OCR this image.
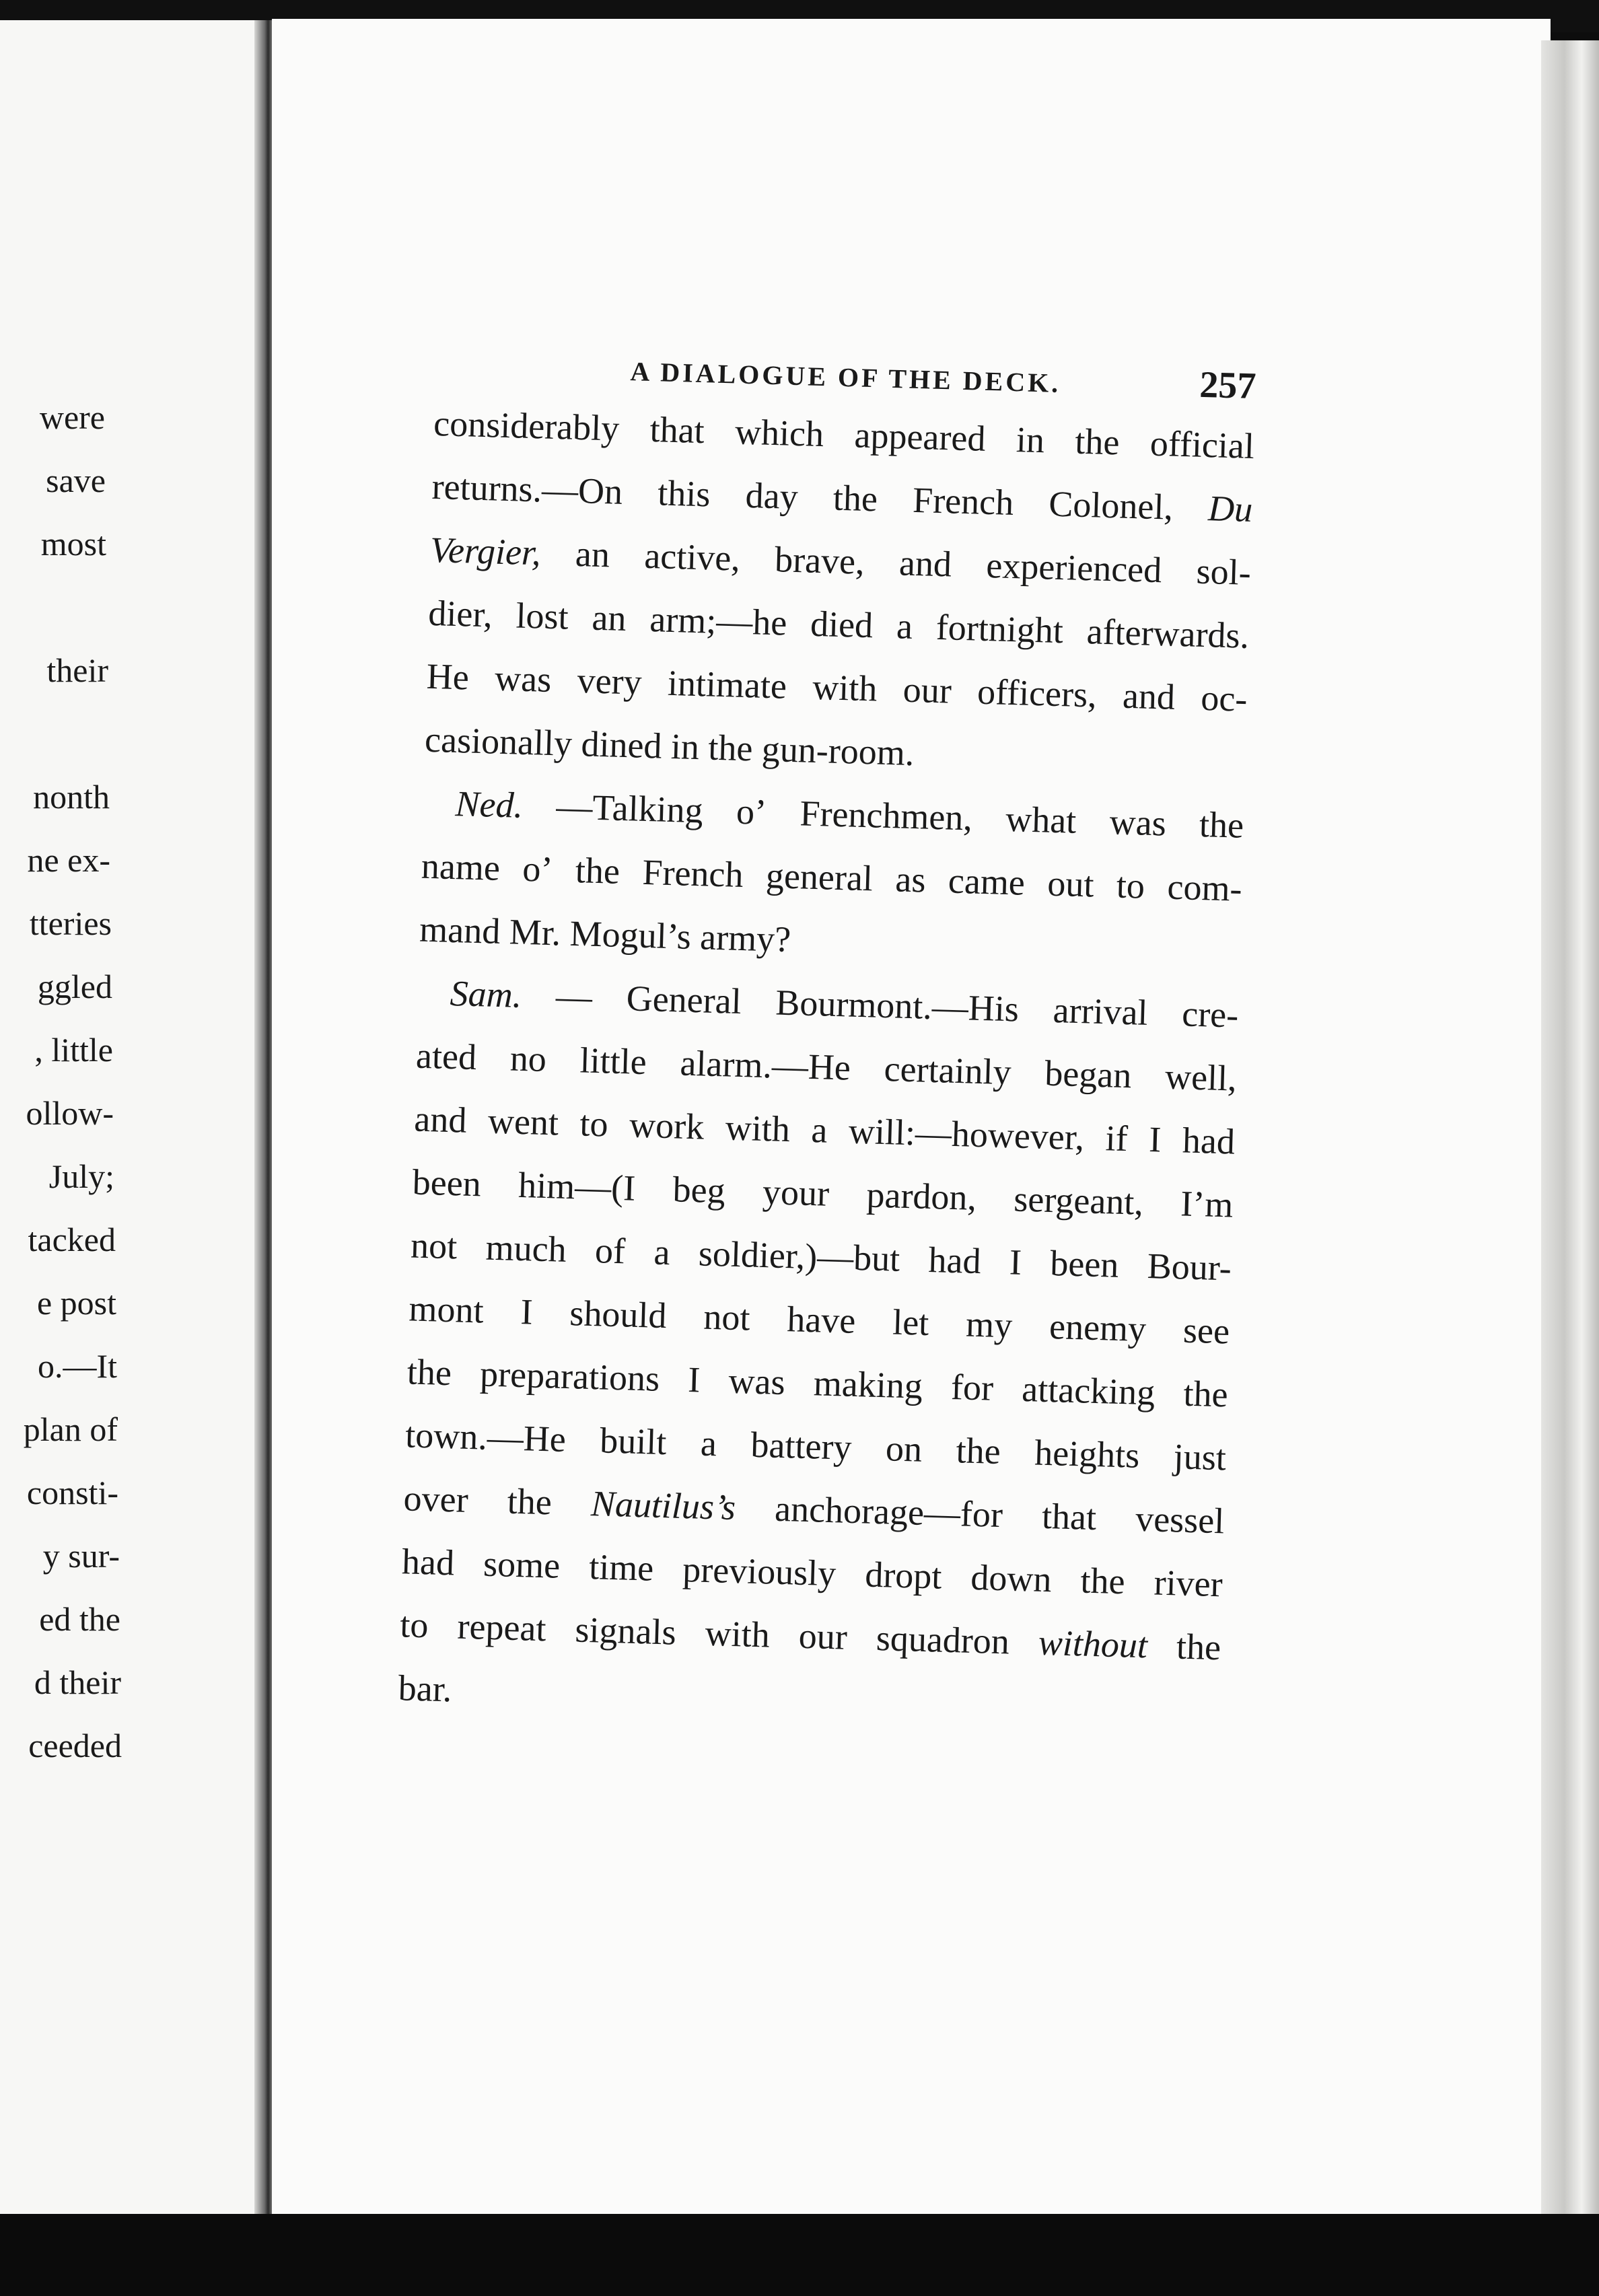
were
save
most
their
nonth
ne ex-
tteries
ggled
, little
ollow-
July;
tacked
e post
o.—It
plan of
consti-
y sur-
ed the
d their
ceeded
A DIALOGUE OF THE DECK.	257
considerably that which appeared in the official
returns.—On this day the French Colonel, Du
Vergier, an active, brave, and experienced sol-
dier, lost an arm;—he died a fortnight afterwards.
He was very intimate with our officers, and oc-
casionally dined in the gun-room.
Ned. —Talking o’ Frenchmen, what was the
name o’ the French general as came out to com-
mand Mr. Mogul’s army?
Sam. — General Bourmont.—His arrival cre-
ated no little alarm.—He certainly began well,
and went to work with a will:—however, if I had
been him—(I beg your pardon, sergeant, I’m
not much of a soldier,)—but had I been Bour-
mont I should not have let my enemy see
the preparations I was making for attacking the
town.—He built a battery on the heights just
over the Nautilus’s anchorage—for that vessel
had some time previously dropt down the river
to repeat signals with our squadron without the
bar.
